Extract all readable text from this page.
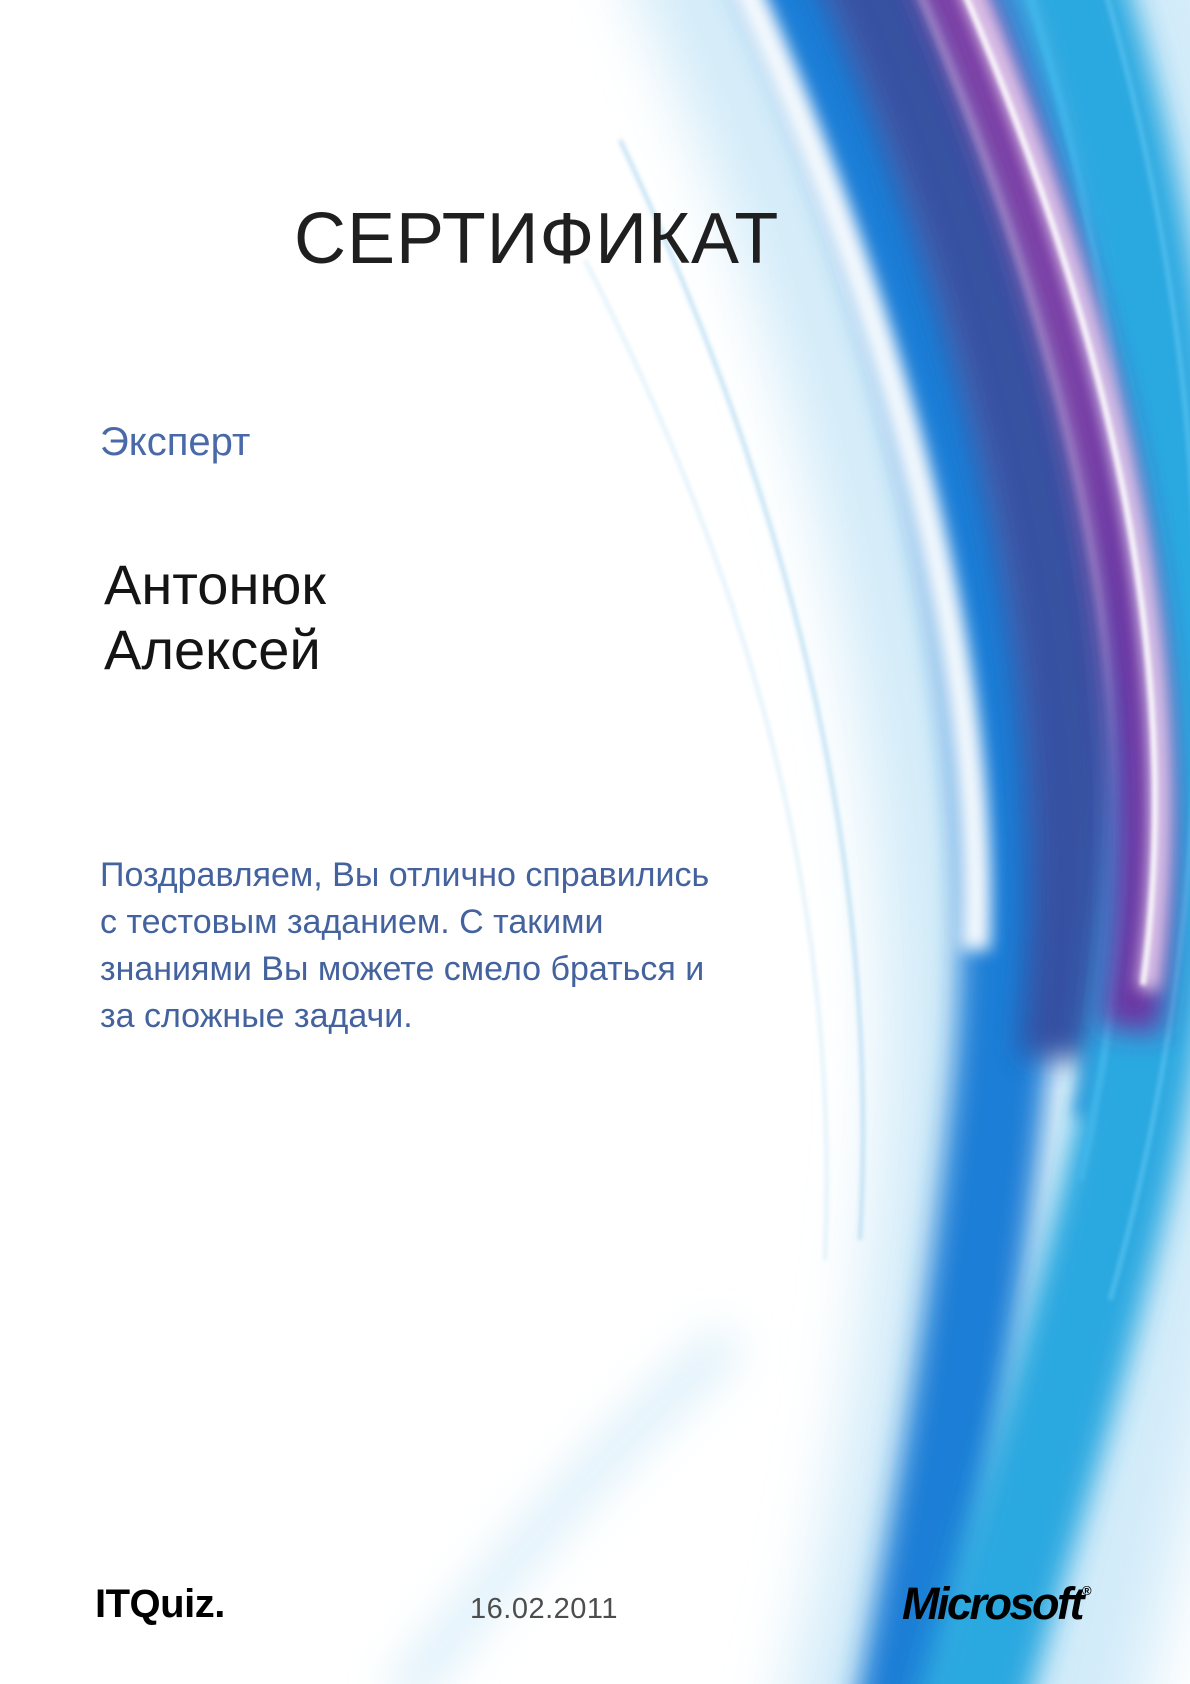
СЕРТИФИКАТ
Эксперт
Антонюк
Алексей
Поздравляем, Вы отлично справились
с тестовым заданием. С такими
знаниями Вы можете смело браться и
за сложные задачи.
ITQuiz.	16.02.2011	Microsoft®
